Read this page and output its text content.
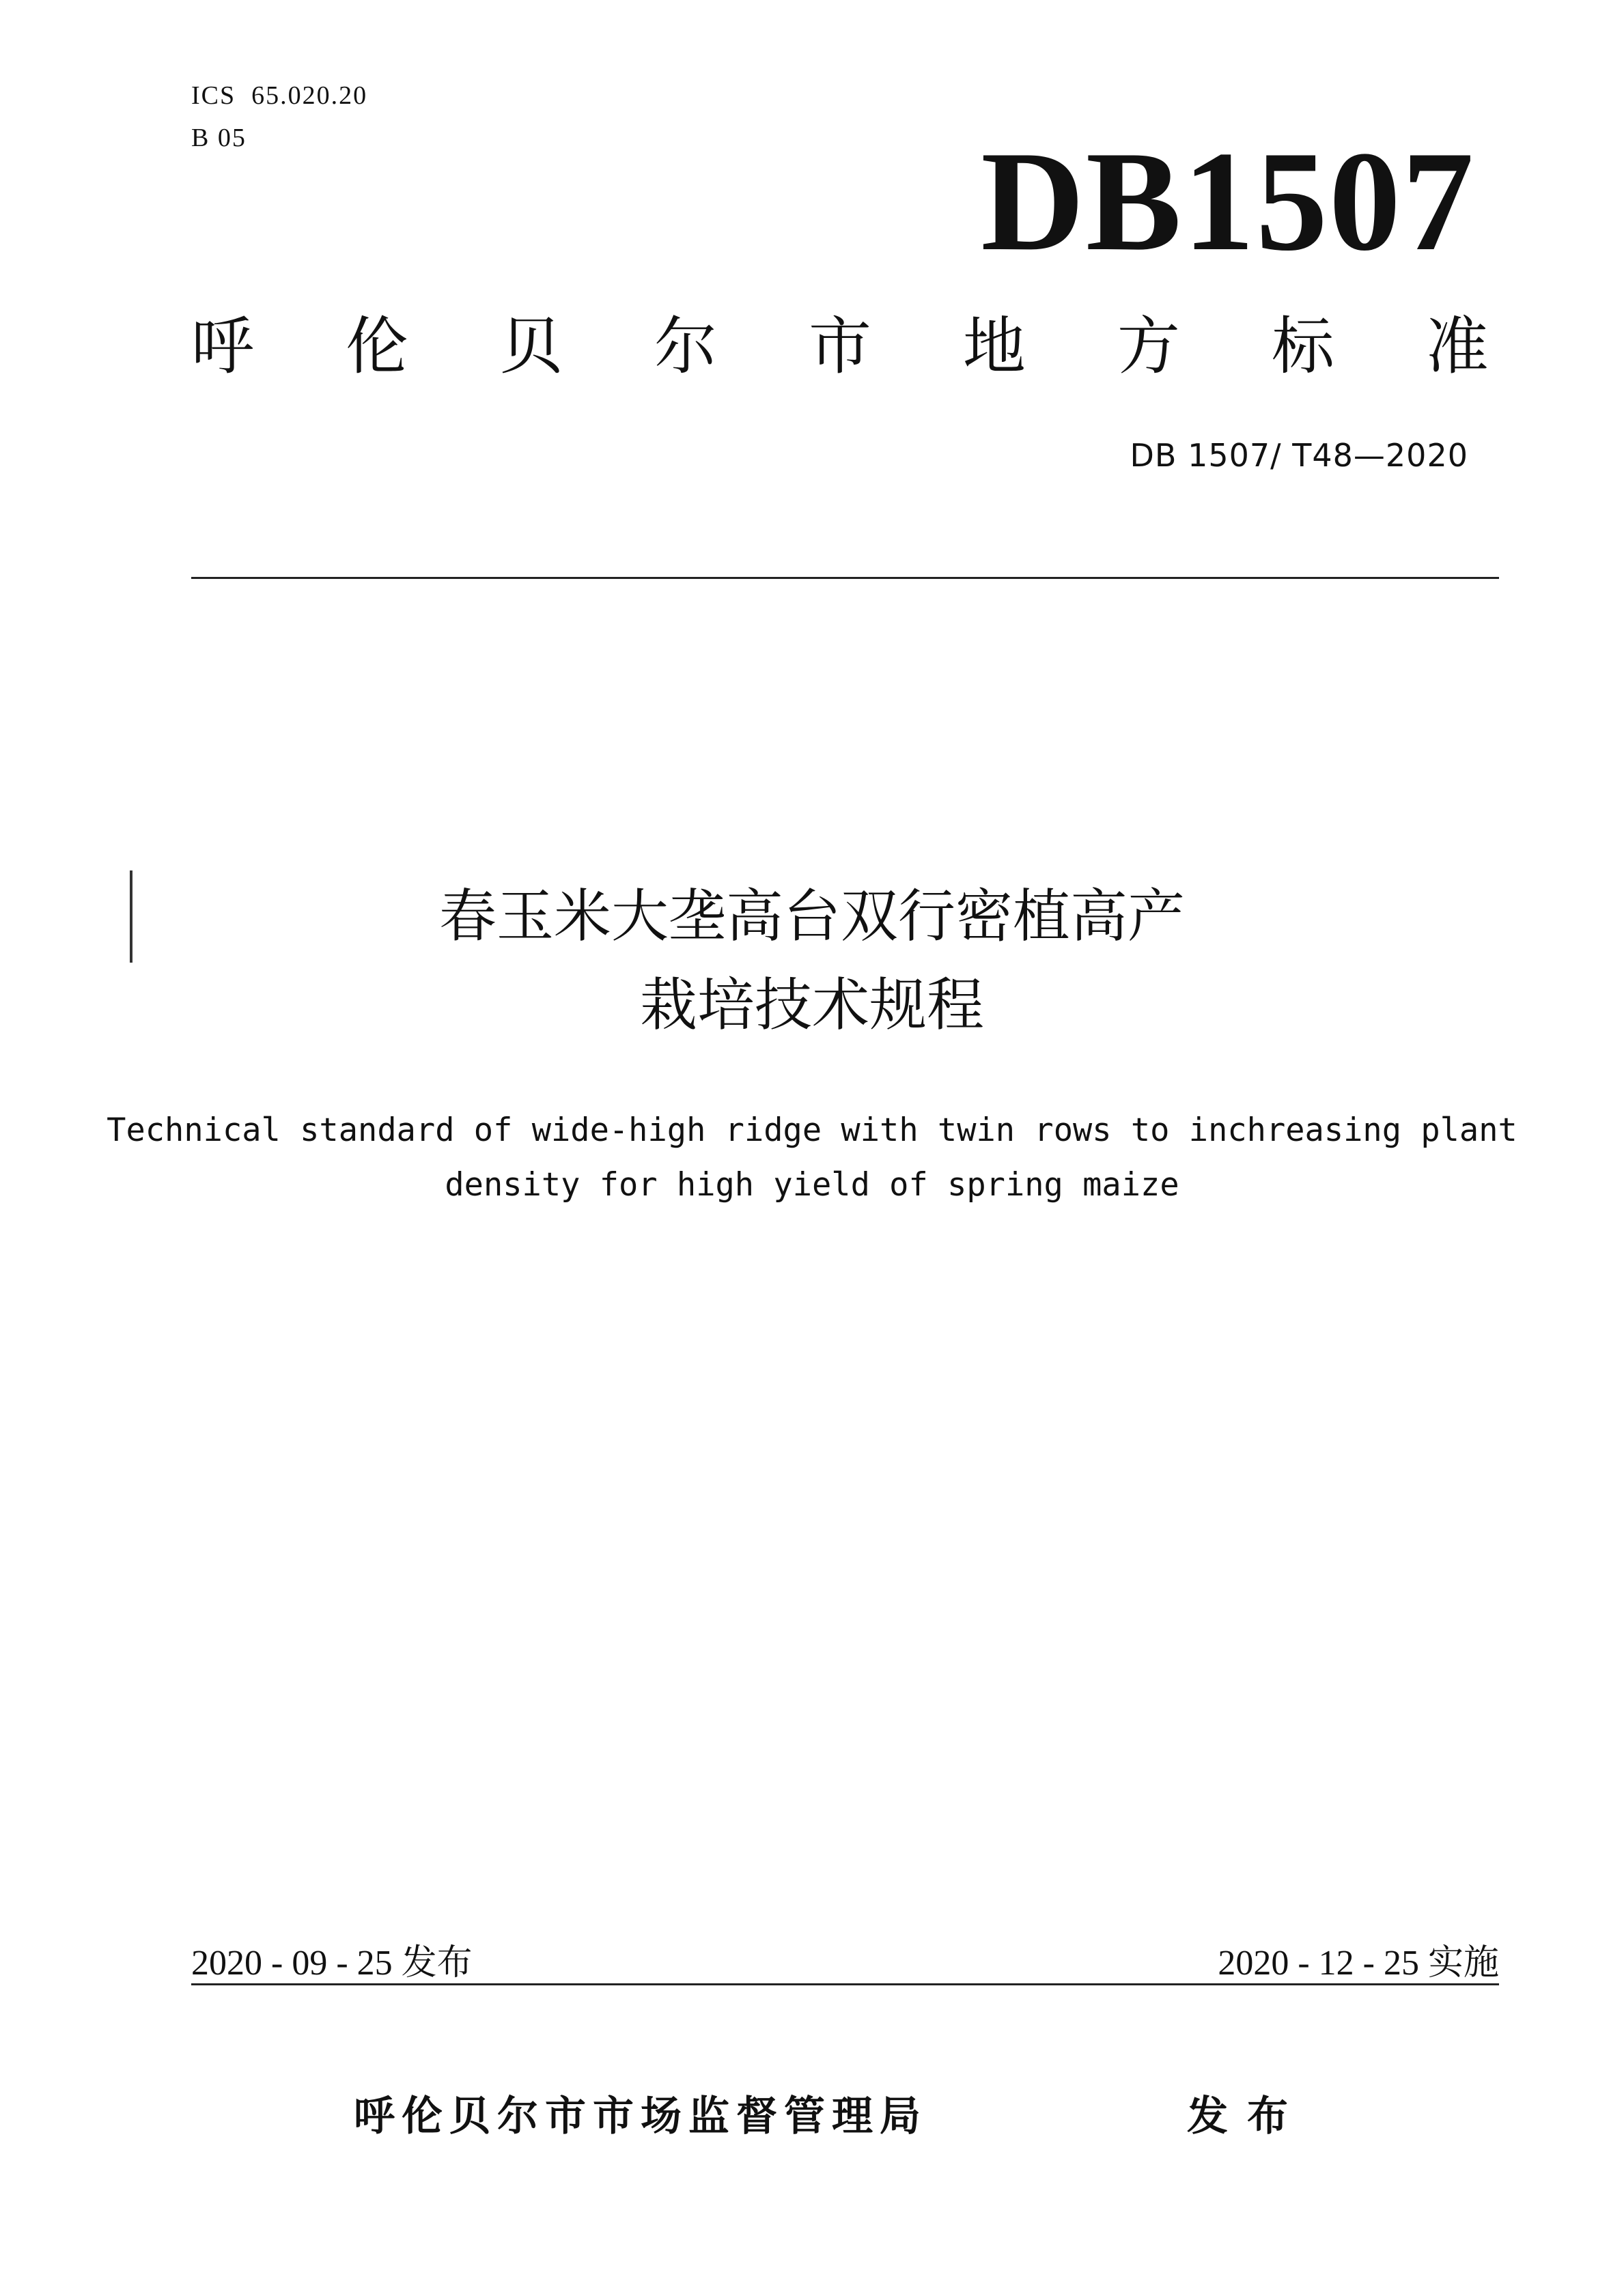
ICS  65.020.20
B 05	DB1507
呼 伦 贝 尔 市 地 方 标 准
DB 1507/ T48—2020
春玉米大垄高台双行密植高产
栽培技术规程
Technical standard of wide-high ridge with twin rows to inchreasing plant
density for high yield of spring maize
2020 - 09 - 25 发布	2020 - 12 - 25 实施
呼伦贝尔市市场监督管理局	发布
